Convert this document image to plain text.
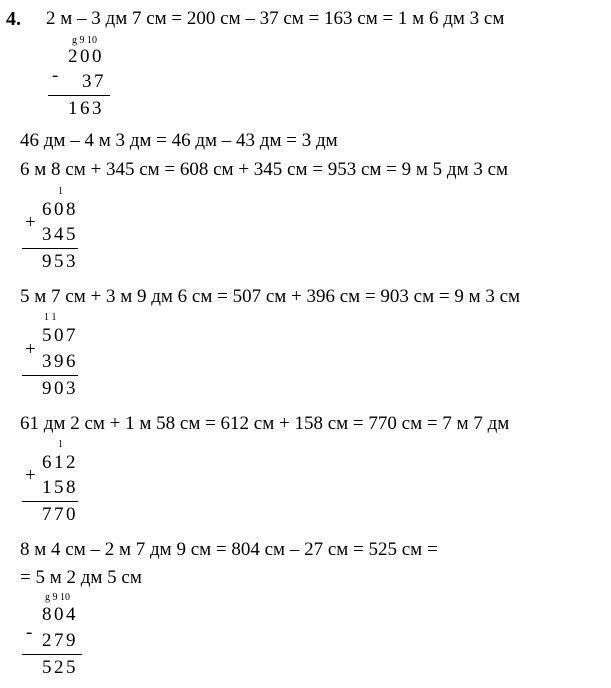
4. 2 м – 3 дм 7 см = 200 см – 37 см = 163 см = 1 м 6 дм 3 см
g 9 10
200
- 37
163
46 дм – 4 м 3 дм = 46 дм – 43 дм = 3 дм
6 м 8 см + 345 см = 608 см + 345 см = 953 см = 9 м 5 дм 3 см
1
608
+
345
953
5 м 7 см + 3 м 9 дм 6 см = 507 см + 396 см = 903 см = 9 м 3 см
1 1
507
+
396
903
61 дм 2 см + 1 м 58 см = 612 см + 158 см = 770 см = 7 м 7 дм
1
612
+
158
770
8 м 4 см – 2 м 7 дм 9 см = 804 см – 27 см = 525 см =
= 5 м 2 дм 5 см
g 9 10
804
- 279
525
